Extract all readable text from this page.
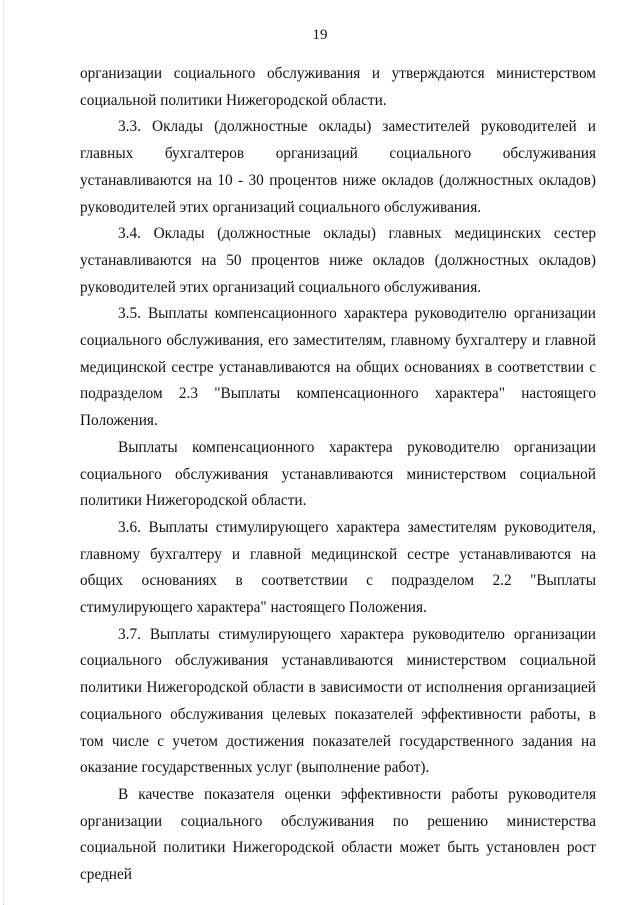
19

организации социального обслуживания и утверждаются министерством социальной политики Нижегородской области.

3.3. Оклады (должностные оклады) заместителей руководителей и главных бухгалтеров организаций социального обслуживания устанавливаются на 10 - 30 процентов ниже окладов (должностных окладов) руководителей этих организаций социального обслуживания.

3.4. Оклады (должностные оклады) главных медицинских сестер устанавливаются на 50 процентов ниже окладов (должностных окладов) руководителей этих организаций социального обслуживания.

3.5. Выплаты компенсационного характера руководителю организации социального обслуживания, его заместителям, главному бухгалтеру и главной медицинской сестре устанавливаются на общих основаниях в соответствии с подразделом 2.3 "Выплаты компенсационного характера" настоящего Положения.

Выплаты компенсационного характера руководителю организации социального обслуживания устанавливаются министерством социальной политики Нижегородской области.

3.6. Выплаты стимулирующего характера заместителям руководителя, главному бухгалтеру и главной медицинской сестре устанавливаются на общих основаниях в соответствии с подразделом 2.2 "Выплаты стимулирующего характера" настоящего Положения.

3.7. Выплаты стимулирующего характера руководителю организации социального обслуживания устанавливаются министерством социальной политики Нижегородской области в зависимости от исполнения организацией социального обслуживания целевых показателей эффективности работы, в том числе с учетом достижения показателей государственного задания на оказание государственных услуг (выполнение работ).

В качестве показателя оценки эффективности работы руководителя организации социального обслуживания по решению министерства социальной политики Нижегородской области может быть установлен рост средней
